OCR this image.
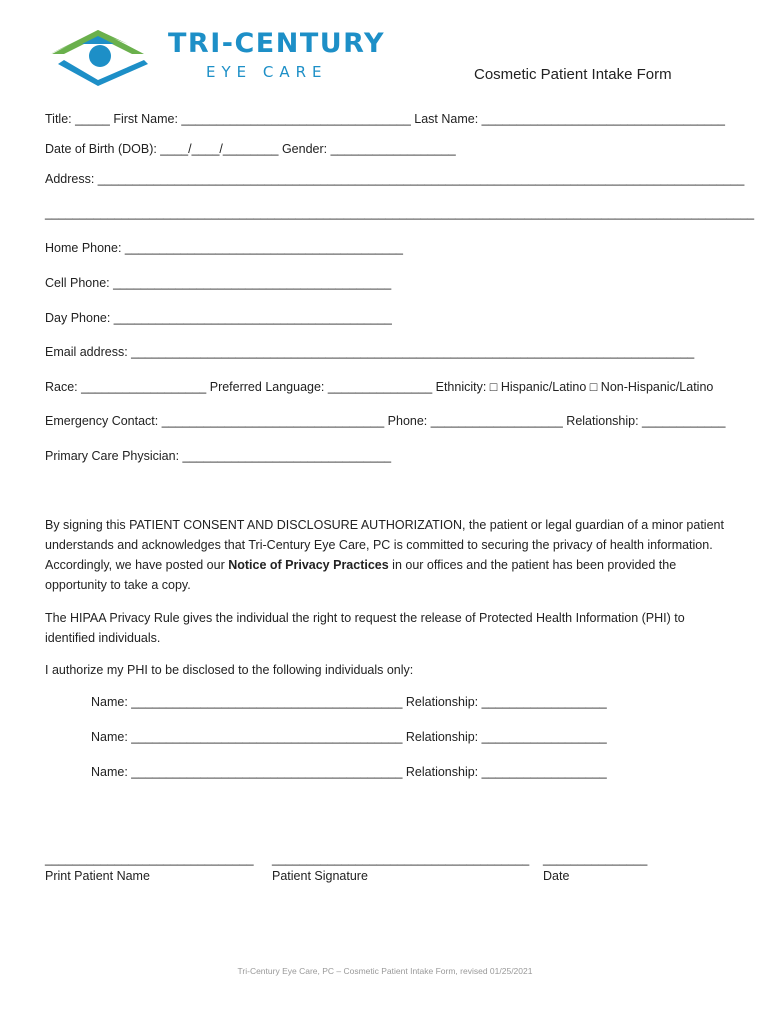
TRI-CENTURY
EYE CARE	Cosmetic Patient Intake Form
Title: _____ First Name: _________________________________ Last Name: ___________________________________
Date of Birth (DOB): ____/____/________ Gender: __________________
Address: _____________________________________________________________________________________________
______________________________________________________________________________________________________
Home Phone: ________________________________________
Cell Phone: ________________________________________
Day Phone: ________________________________________
Email address: _________________________________________________________________________________
Race: __________________ Preferred Language: _______________ Ethnicity: □ Hispanic/Latino □ Non-Hispanic/Latino
Emergency Contact: ________________________________ Phone: ___________________ Relationship: ____________
Primary Care Physician: ______________________________
By signing this PATIENT CONSENT AND DISCLOSURE AUTHORIZATION, the patient or legal guardian of a minor patient understands and acknowledges that Tri-Century Eye Care, PC is committed to securing the privacy of health information. Accordingly, we have posted our Notice of Privacy Practices in our offices and the patient has been provided the opportunity to take a copy.
The HIPAA Privacy Rule gives the individual the right to request the release of Protected Health Information (PHI) to identified individuals.
I authorize my PHI to be disclosed to the following individuals only:
Name: _______________________________________ Relationship: __________________
Name: _______________________________________ Relationship: __________________
Name: _______________________________________ Relationship: __________________
______________________________ _____________________________________ _______________
Print Patient Name	Patient Signature	Date
Tri-Century Eye Care, PC – Cosmetic Patient Intake Form, revised 01/25/2021
